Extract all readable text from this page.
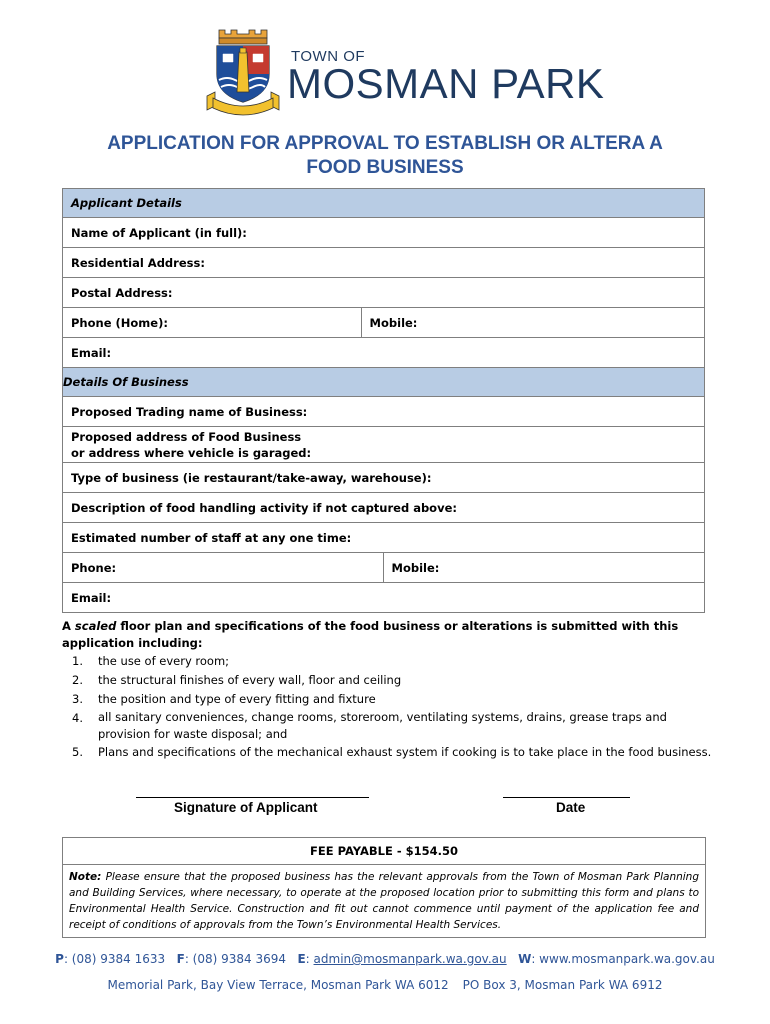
TOWN OF
MOSMAN PARK
APPLICATION FOR APPROVAL TO ESTABLISH OR ALTERA A
FOOD BUSINESS
Applicant Details		
Name of Applicant (in full):		
Residential Address:		
Postal Address:		
Phone (Home):	Mobile:	
Email:		
Details Of Business		
Proposed Trading name of Business:		

Proposed address of Food Business
or address where vehicle is garaged:		

Type of business (ie restaurant/take-away, warehouse):		
Description of food handling activity if not captured above:		
Estimated number of staff at any one time:		
Phone:		Mobile:
Email:		
A scaled floor plan and specifications of the food business or alterations is submitted with this application including:
1.	the use of every room;
2.	the structural finishes of every wall, floor and ceiling
3.	the position and type of every fitting and fixture
4.	all sanitary conveniences, change rooms, storeroom, ventilating systems, drains, grease traps and provision for waste disposal; and
5.	Plans and specifications of the mechanical exhaust system if cooking is to take place in the food business.
Signature of Applicant	Date
FEE PAYABLE - $154.50
Note: Please ensure that the proposed business has the relevant approvals from the Town of Mosman Park Planning and Building Services, where necessary, to operate at the proposed location prior to submitting this form and plans to Environmental Health Service. Construction and fit out cannot commence until payment of the application fee and receipt of conditions of approvals from the Town’s Environmental Health Services.
P: (08) 9384 1633 F: (08) 9384 3694 E: admin@mosmanpark.wa.gov.au W: www.mosmanpark.wa.gov.au
Memorial Park, Bay View Terrace, Mosman Park WA 6012 PO Box 3, Mosman Park WA 6912
